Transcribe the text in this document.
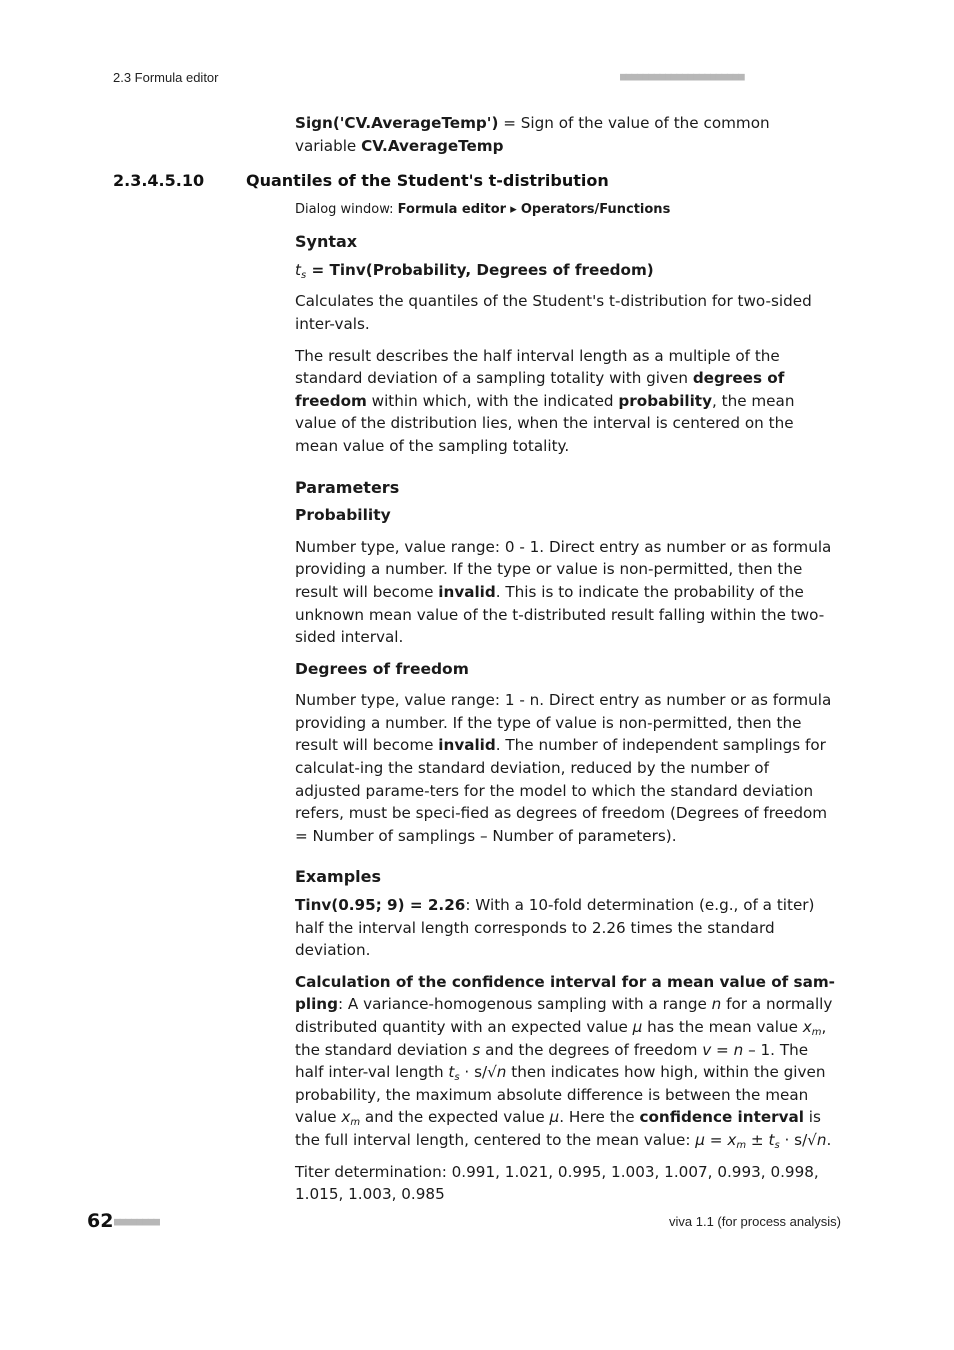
2.3 Formula editor	■■■■■■■■■■■■■■■■■■■■■■
2.3.4.5.10	Quantiles of the Student's t-distribution

Sign('CV.AverageTemp') = Sign of the value of the common variable CV.AverageTemp

Dialog window: Formula editor ▸ Operators/Functions

Syntax

$t_s$ = Tinv(Probability, Degrees of freedom)

Calculates the quantiles of the Student's t-distribution for two-sided inter-vals.

The result describes the half interval length as a multiple of the standard deviation of a sampling totality with given degrees of freedom within which, with the indicated probability, the mean value of the distribution lies, when the interval is centered on the mean value of the sampling totality.

Parameters

Probability

Number type, value range: 0 - 1. Direct entry as number or as formula providing a number. If the type or value is non-permitted, then the result will become invalid. This is to indicate the probability of the unknown mean value of the t-distributed result falling within the two-sided interval.

Degrees of freedom

Number type, value range: 1 - n. Direct entry as number or as formula providing a number. If the type of value is non-permitted, then the result will become invalid. The number of independent samplings for calculat-ing the standard deviation, reduced by the number of adjusted parame-ters for the model to which the standard deviation refers, must be speci-fied as degrees of freedom (Degrees of freedom = Number of samplings – Number of parameters).

Examples

Tinv(0.95; 9) = 2.26: With a 10-fold determination (e.g., of a titer) half the interval length corresponds to 2.26 times the standard deviation.

Calculation of the confidence interval for a mean value of sam-pling: A variance-homogenous sampling with a range n for a normally distributed quantity with an expected value μ has the mean value $x_m$, the standard deviation s and the degrees of freedom v = n – 1. The half inter-val length $t_s \cdot s/√n$ then indicates how high, within the given probability, the maximum absolute difference is between the mean value $x_m$ and the expected value μ. Here the confidence interval is the full interval length, centered to the mean value: $\mu = x_m \pm t_s \cdot s/√n$.

Titer determination: 0.991, 1.021, 0.995, 1.003, 1.007, 0.993, 0.998, 1.015, 1.003, 0.985

62 ■■■■■■■■	viva 1.1 (for process analysis)
